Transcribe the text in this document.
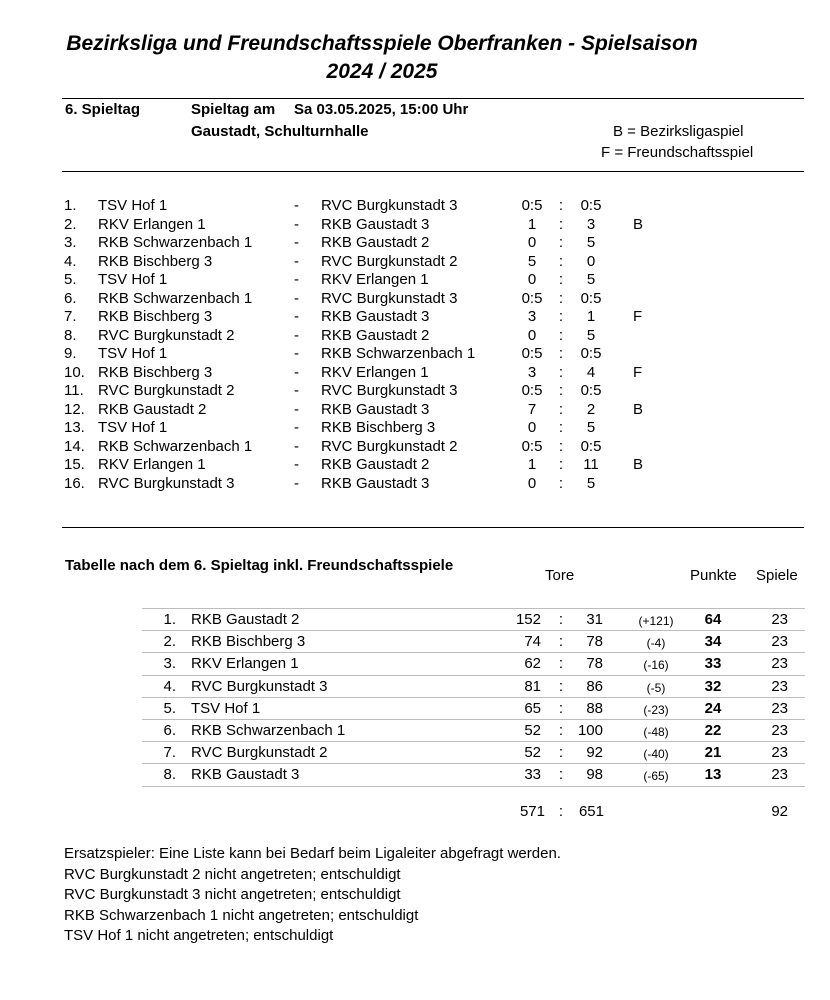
Bezirksliga und Freundschaftsspiele Oberfranken - Spielsaison
2024 / 2025
6. Spieltag	Spieltag am Sa 03.05.2025, 15:00 Uhr
Gaustadt, Schulturnhalle	B = Bezirksligaspiel
F = Freundschaftsspiel
1. TSV Hof 1	- RVC Burgkunstadt 3	0:5	:	0:5
2. RKV Erlangen 1	- RKB Gaustadt 3	1	:	3	B
3. RKB Schwarzenbach 1	- RKB Gaustadt 2	0	:	5
4. RKB Bischberg 3	- RVC Burgkunstadt 2	5	:	0
5. TSV Hof 1	- RKV Erlangen 1	0	:	5
6. RKB Schwarzenbach 1	- RVC Burgkunstadt 3	0:5	:	0:5
7. RKB Bischberg 3	- RKB Gaustadt 3	3	:	1	F
8. RVC Burgkunstadt 2	- RKB Gaustadt 2	0	:	5
9. TSV Hof 1	- RKB Schwarzenbach 1	0:5	:	0:5
10. RKB Bischberg 3	- RKV Erlangen 1	3	:	4	F
11. RVC Burgkunstadt 2	- RVC Burgkunstadt 3	0:5	:	0:5
12. RKB Gaustadt 2	- RKB Gaustadt 3	7	:	2	B
13. TSV Hof 1	- RKB Bischberg 3	0	:	5
14. RKB Schwarzenbach 1	- RVC Burgkunstadt 2	0:5	:	0:5
15. RKV Erlangen 1	- RKB Gaustadt 2	1	:	11	B
16. RVC Burgkunstadt 3	- RKB Gaustadt 3	0	:	5
Tabelle nach dem 6. Spieltag inkl. Freundschaftsspiele
Tore	Punkte Spiele
1. RKB Gaustadt 2	152 :	31	(+121)	64	23
2. RKB Bischberg 3	74 :	78	(-4)	34	23
3. RKV Erlangen 1	62 :	78	(-16)	33	23
4. RVC Burgkunstadt 3	81 :	86	(-5)	32	23
5. TSV Hof 1	65 :	88	(-23)	24	23
6. RKB Schwarzenbach 1	52 : 100	(-48)	22	23
7. RVC Burgkunstadt 2	52 :	92	(-40)	21	23
8. RKB Gaustadt 3	33 :	98	(-65)	13	23
571 :	651	92
Ersatzspieler: Eine Liste kann bei Bedarf beim Ligaleiter abgefragt werden.
RVC Burgkunstadt 2 nicht angetreten; entschuldigt
RVC Burgkunstadt 3 nicht angetreten; entschuldigt
RKB Schwarzenbach 1 nicht angetreten; entschuldigt
TSV Hof 1 nicht angetreten; entschuldigt
